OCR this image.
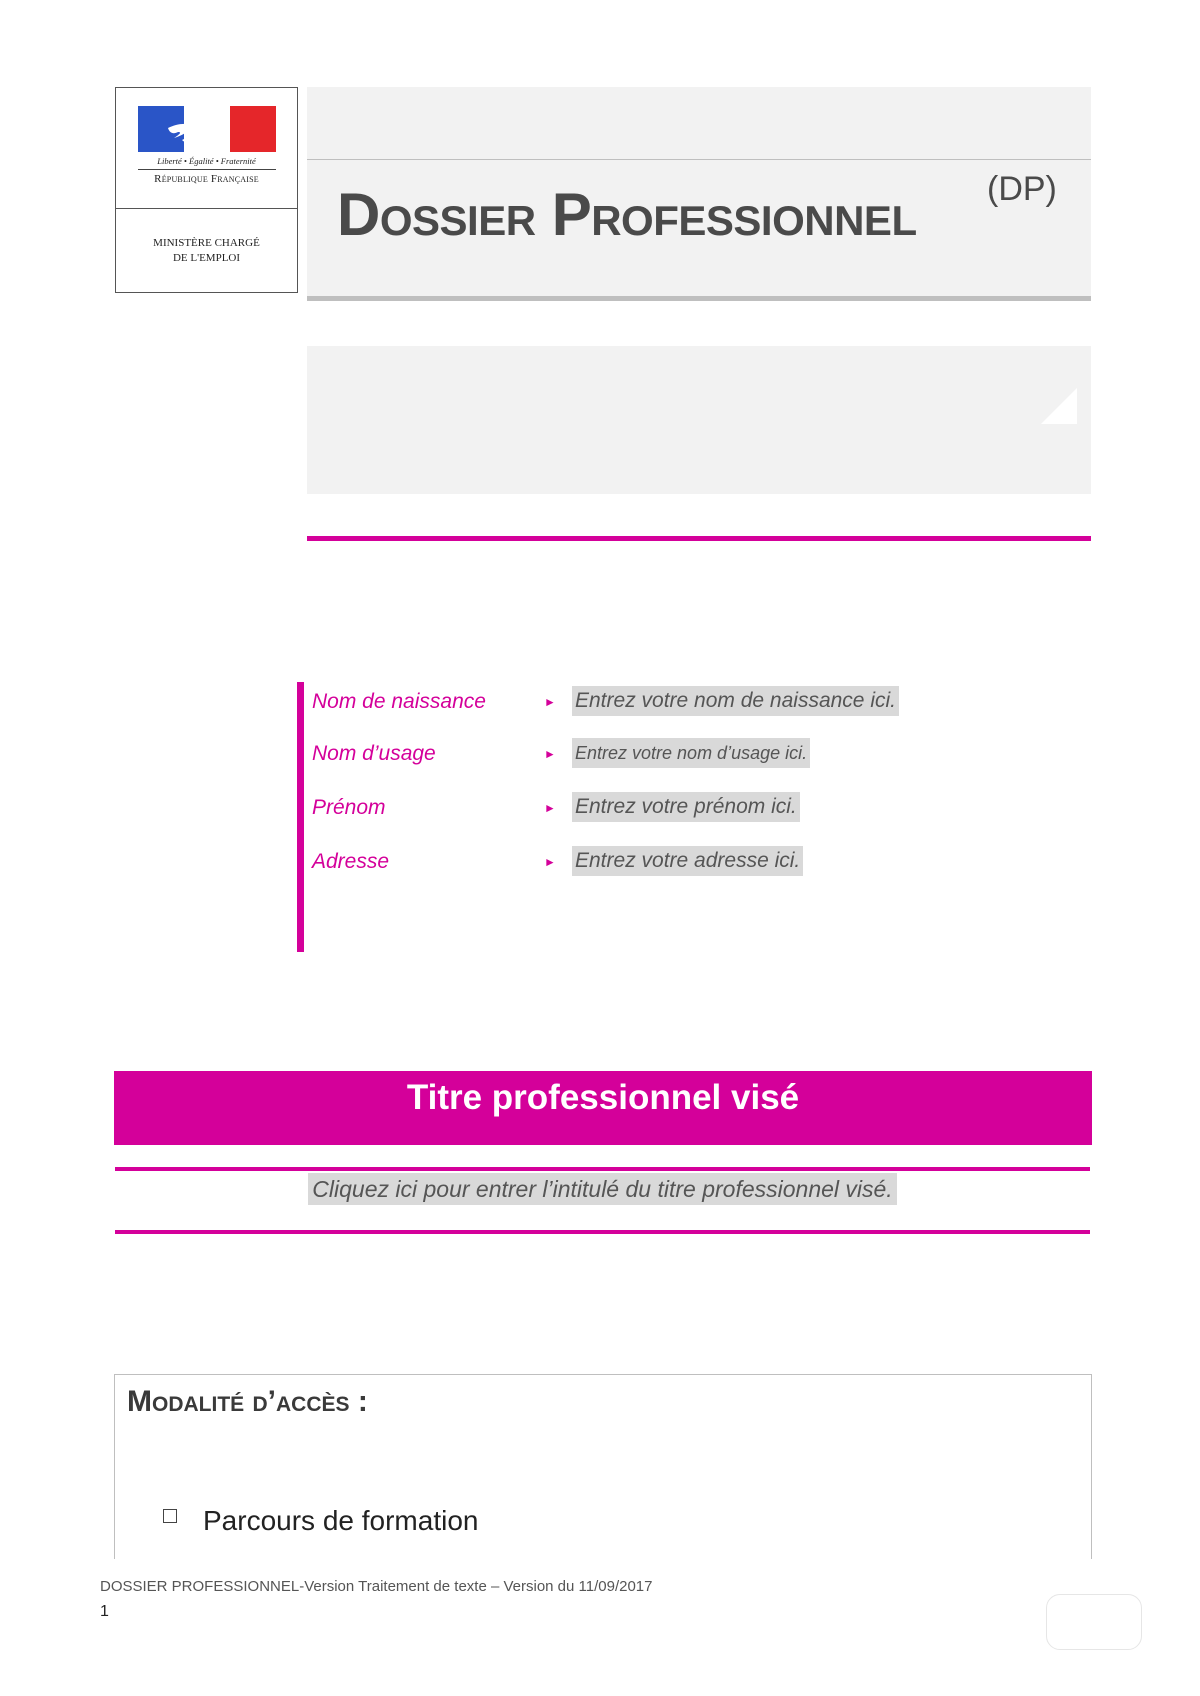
Liberté • Égalité • Fraternité
République Française
MINISTÈRE CHARGÉ
DE L'EMPLOI
Dossier Professionnel (DP)
Nom de naissance	► Entrez votre nom de naissance ici.
Nom d’usage	► Entrez votre nom d’usage ici.
Prénom	► Entrez votre prénom ici.
Adresse	► Entrez votre adresse ici.
Titre professionnel visé
Cliquez ici pour entrer l’intitulé du titre professionnel visé.
Modalité d’accès :
Parcours de formation
DOSSIER PROFESSIONNEL-Version Traitement de texte – Version du 11/09/2017
1
